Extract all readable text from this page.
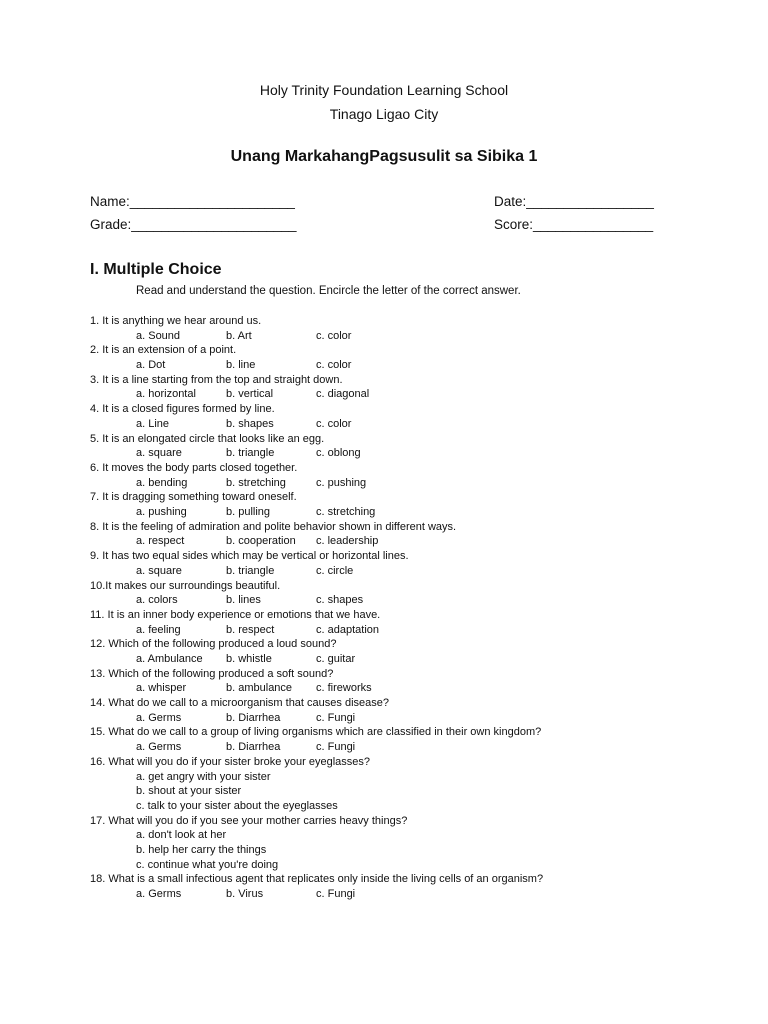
Holy Trinity Foundation Learning School
Tinago Ligao City
Unang MarkahangPagsusulit sa Sibika 1
Name:______________________	Date:_________________
Grade:______________________	Score:________________
I. Multiple Choice
Read and understand the question. Encircle the letter of the correct answer.
1. It is anything we hear around us.
a. Sound	b. Art	c. color
2. It is an extension of a point.
a. Dot	b. line	c. color
3. It is a line starting from the top and straight down.
a. horizontal	b. vertical	c. diagonal
4. It is a closed figures formed by line.
a. Line	b. shapes	c. color
5. It is an elongated circle that looks like an egg.
a. square	b. triangle	c. oblong
6. It moves the body parts closed together.
a. bending	b. stretching	c. pushing
7. It is dragging something toward oneself.
a. pushing	b. pulling	c. stretching
8. It is the feeling of admiration and polite behavior shown in different ways.
a. respect	b. cooperation c. leadership
9. It has two equal sides which may be vertical or horizontal lines.
a. square	b. triangle	c. circle
10.It makes our surroundings beautiful.
a. colors	b. lines	c. shapes
11. It is an inner body experience or emotions that we have.
a. feeling	b. respect	c. adaptation
12. Which of the following produced a loud sound?
a. Ambulance b. whistle	c. guitar
13. Which of the following produced a soft sound?
a. whisper	b. ambulance c. fireworks
14. What do we call to a microorganism that causes disease?
a. Germs	b. Diarrhea	c. Fungi
15. What do we call to a group of living organisms which are classified in their own kingdom?
a. Germs	b. Diarrhea	c. Fungi
16. What will you do if your sister broke your eyeglasses?
a. get angry with your sister
b. shout at your sister
c. talk to your sister about the eyeglasses
17. What will you do if you see your mother carries heavy things?
a. don't look at her
b. help her carry the things
c. continue what you're doing
18. What is a small infectious agent that replicates only inside the living cells of an organism?
a. Germs	b. Virus	c. Fungi
